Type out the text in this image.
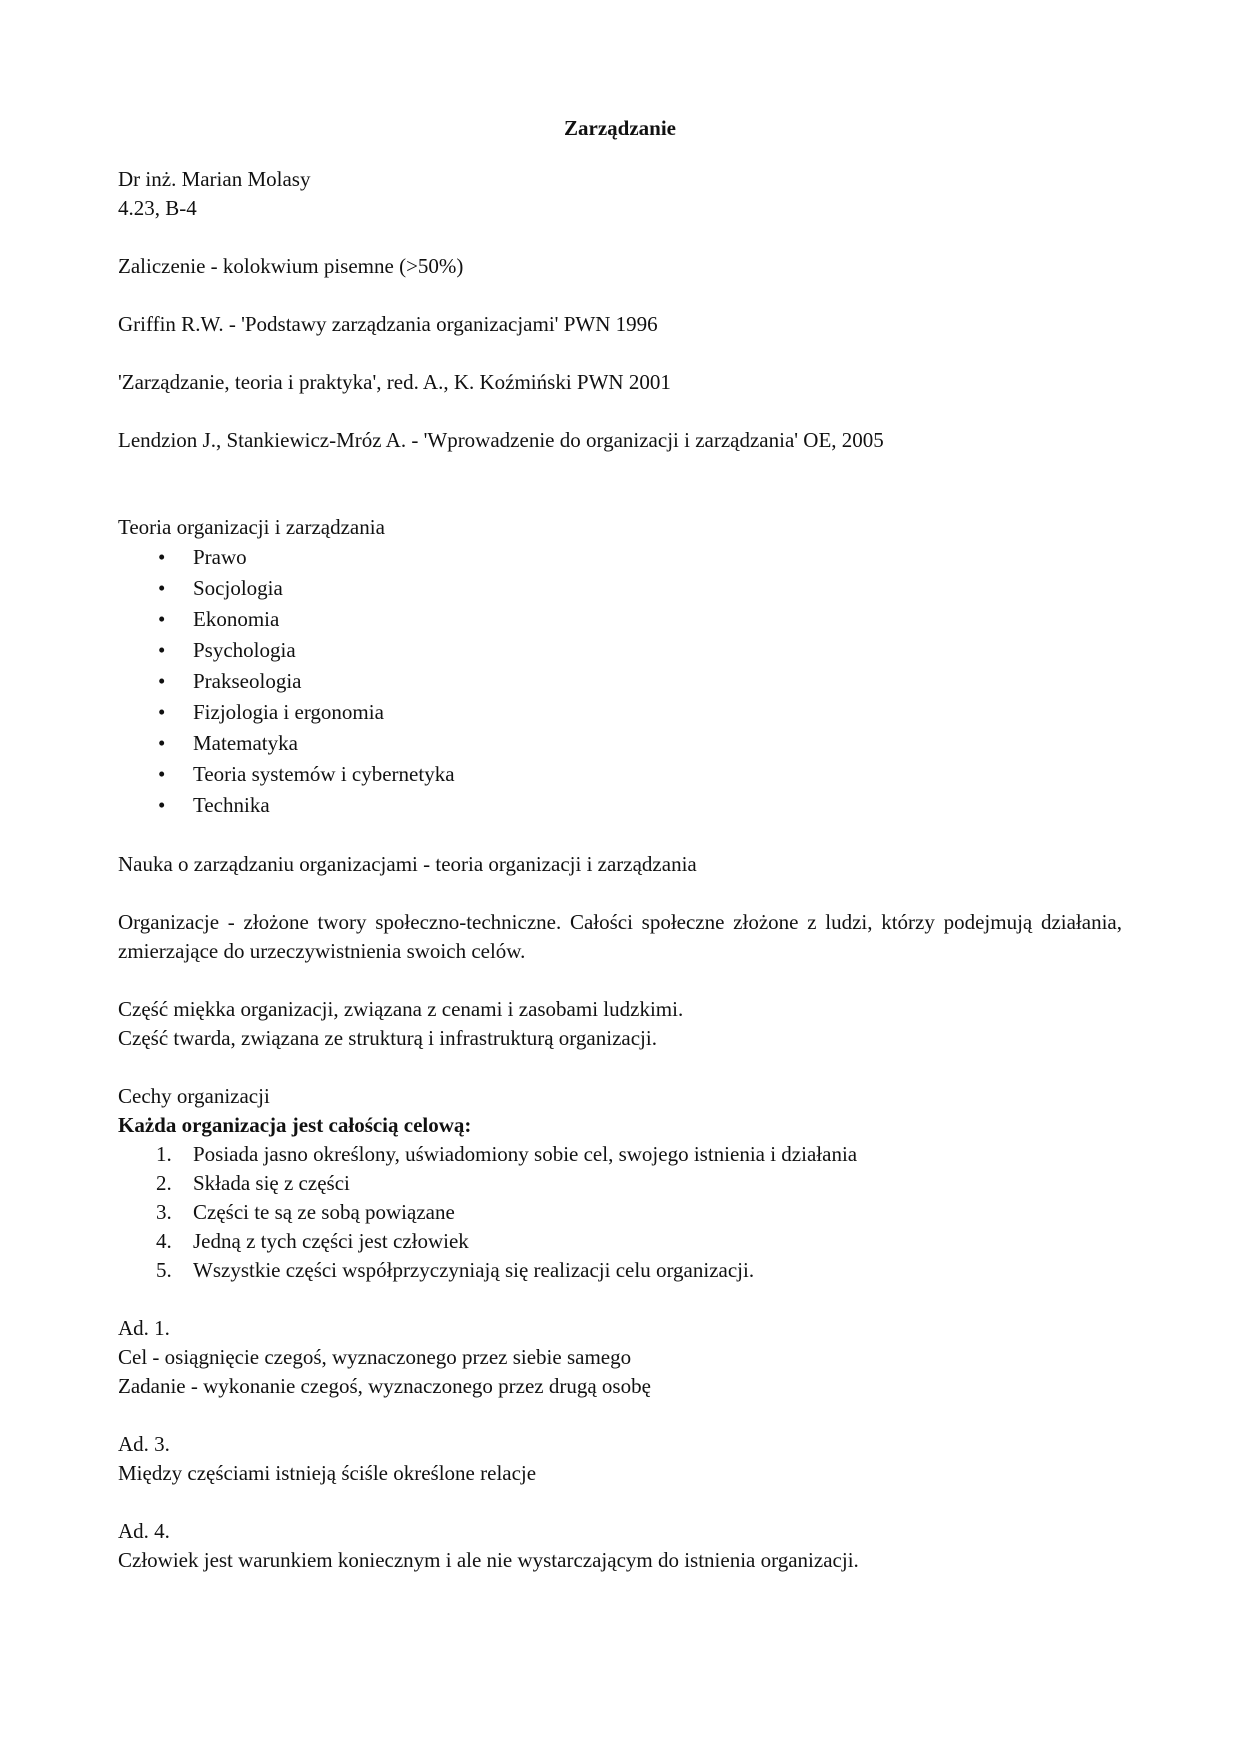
Zarządzanie

Dr inż. Marian Molasy

4.23, B-4

Zaliczenie - kolokwium pisemne (>50%)

Griffin R.W. - 'Podstawy zarządzania organizacjami' PWN 1996

'Zarządzanie, teoria i praktyka', red. A., K. Koźmiński PWN 2001

Lendzion J., Stankiewicz-Mróz A. - 'Wprowadzenie do organizacji i zarządzania' OE, 2005

Teoria organizacji i zarządzania

• Prawo
• Socjologia
• Ekonomia
• Psychologia
• Prakseologia
• Fizjologia i ergonomia
• Matematyka
• Teoria systemów i cybernetyka
• Technika

Nauka o zarządzaniu organizacjami - teoria organizacji i zarządzania

Organizacje - złożone twory społeczno-techniczne. Całości społeczne złożone z ludzi, którzy podejmują działania, zmierzające do urzeczywistnienia swoich celów.

Część miękka organizacji, związana z cenami i zasobami ludzkimi.

Część twarda, związana ze strukturą i infrastrukturą organizacji.

Cechy organizacji

Każda organizacja jest całością celową:

1. Posiada jasno określony, uświadomiony sobie cel, swojego istnienia i działania
2. Składa się z części
3. Części te są ze sobą powiązane
4. Jedną z tych części jest człowiek
5. Wszystkie części współprzyczyniają się realizacji celu organizacji.

Ad. 1.

Cel - osiągnięcie czegoś, wyznaczonego przez siebie samego

Zadanie - wykonanie czegoś, wyznaczonego przez drugą osobę

Ad. 3.

Między częściami istnieją ściśle określone relacje

Ad. 4.

Człowiek jest warunkiem koniecznym i ale nie wystarczającym do istnienia organizacji.
